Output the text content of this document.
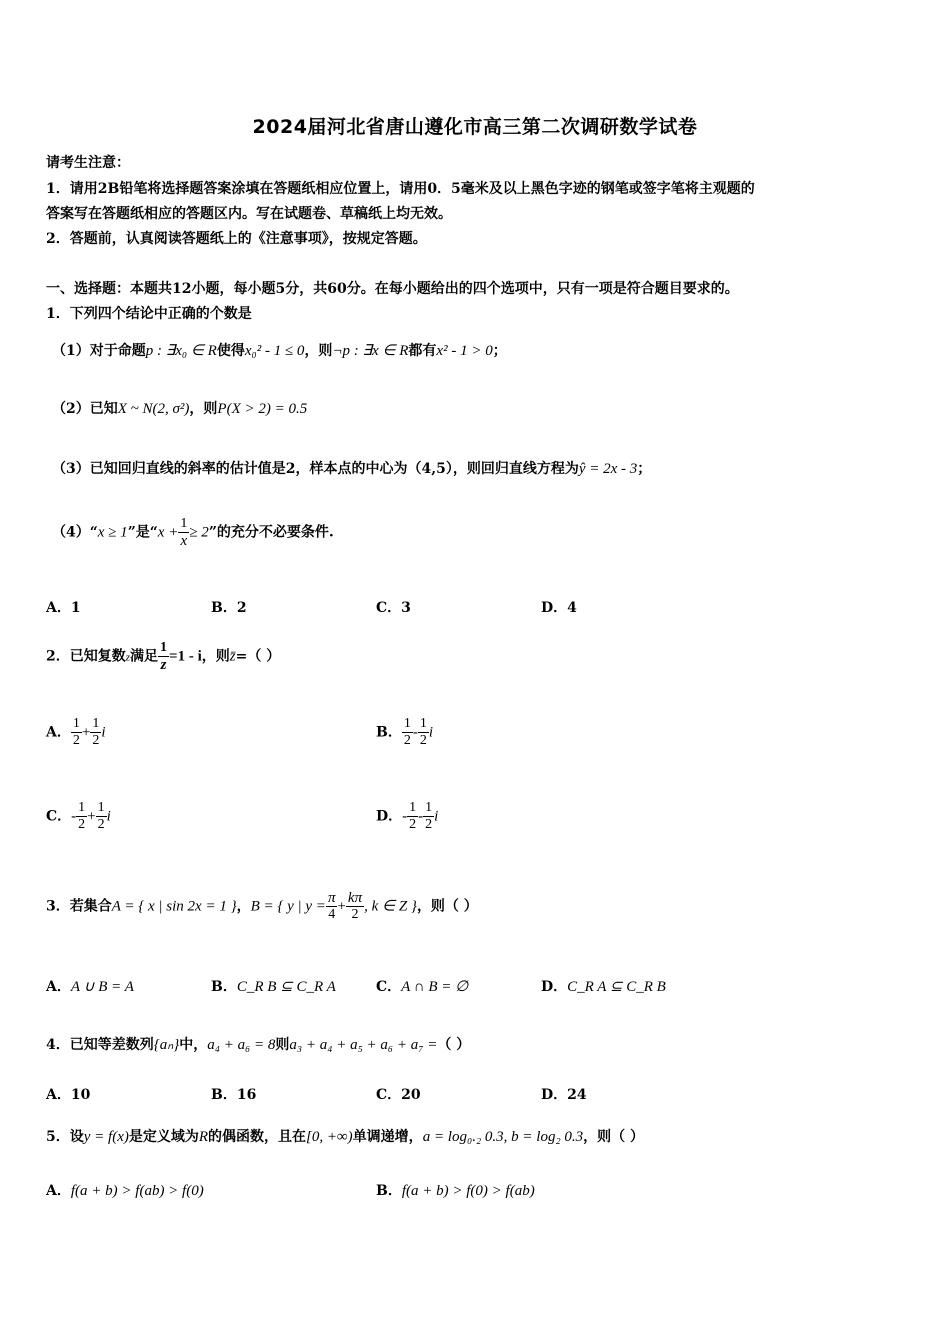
2024届河北省唐山遵化市高三第二次调研数学试卷
请考生注意：
1．请用2B铅笔将选择题答案涂填在答题纸相应位置上，请用0．5毫米及以上黑色字迹的钢笔或签字笔将主观题的
答案写在答题纸相应的答题区内。写在试题卷、草稿纸上均无效。
2．答题前，认真阅读答题纸上的《注意事项》，按规定答题。
一、选择题：本题共12小题，每小题5分，共60分。在每小题给出的四个选项中，只有一项是符合题目要求的。
1．下列四个结论中正确的个数是
（1）对于命题p : ∃x₀ ∈ R使得x₀² - 1 ≤ 0，则¬p : ∃x ∈ R都有x² - 1 > 0；
（2）已知X ~ N(2, σ²)，则P(X > 2) = 0.5
（3）已知回归直线的斜率的估计值是2，样本点的中心为（4,5），则回归直线方程为ŷ = 2x - 3；
（4）“x ≥ 1”是“$x + \frac{1}{x} \ge 2$”的充分不必要条件.
A．1	B．2	C．3	D．4
2．已知复数z满足 $\frac{1}{z} =1 - i$，则z̄=（ ）
A． $\frac{1}{2} + \frac{1}{2}$ i	B． $\frac{1}{2} - \frac{1}{2}$ i
C．- $\frac{1}{2} + \frac{1}{2}$ i	D．- $\frac{1}{2} - \frac{1}{2}$ i
3．若集合A = { x | sin 2x = 1 }，B = { y | $y = \frac{\pi}{4} + \frac{k\pi}{2}$ , k ∈ Z }，则（ ）
A．A ∪ B = A	B．C_R B ⊆ C_R A	C．A ∩ B = ∅	D．C_R A ⊆ C_R B
4．已知等差数列{aₙ}中，a₄ + a₆ = 8则a₃ + a₄ + a₅ + a₆ + a₇ =（ ）
A．10	B．16	C．20	D．24
5．设y = f(x)是定义域为R的偶函数，且在[0, +∞)单调递增，a = log₀.₂ 0.3, b = log₂ 0.3，则（ ）
A．f(a + b) > f(ab) > f(0)	B．f(a + b) > f(0) > f(ab)
